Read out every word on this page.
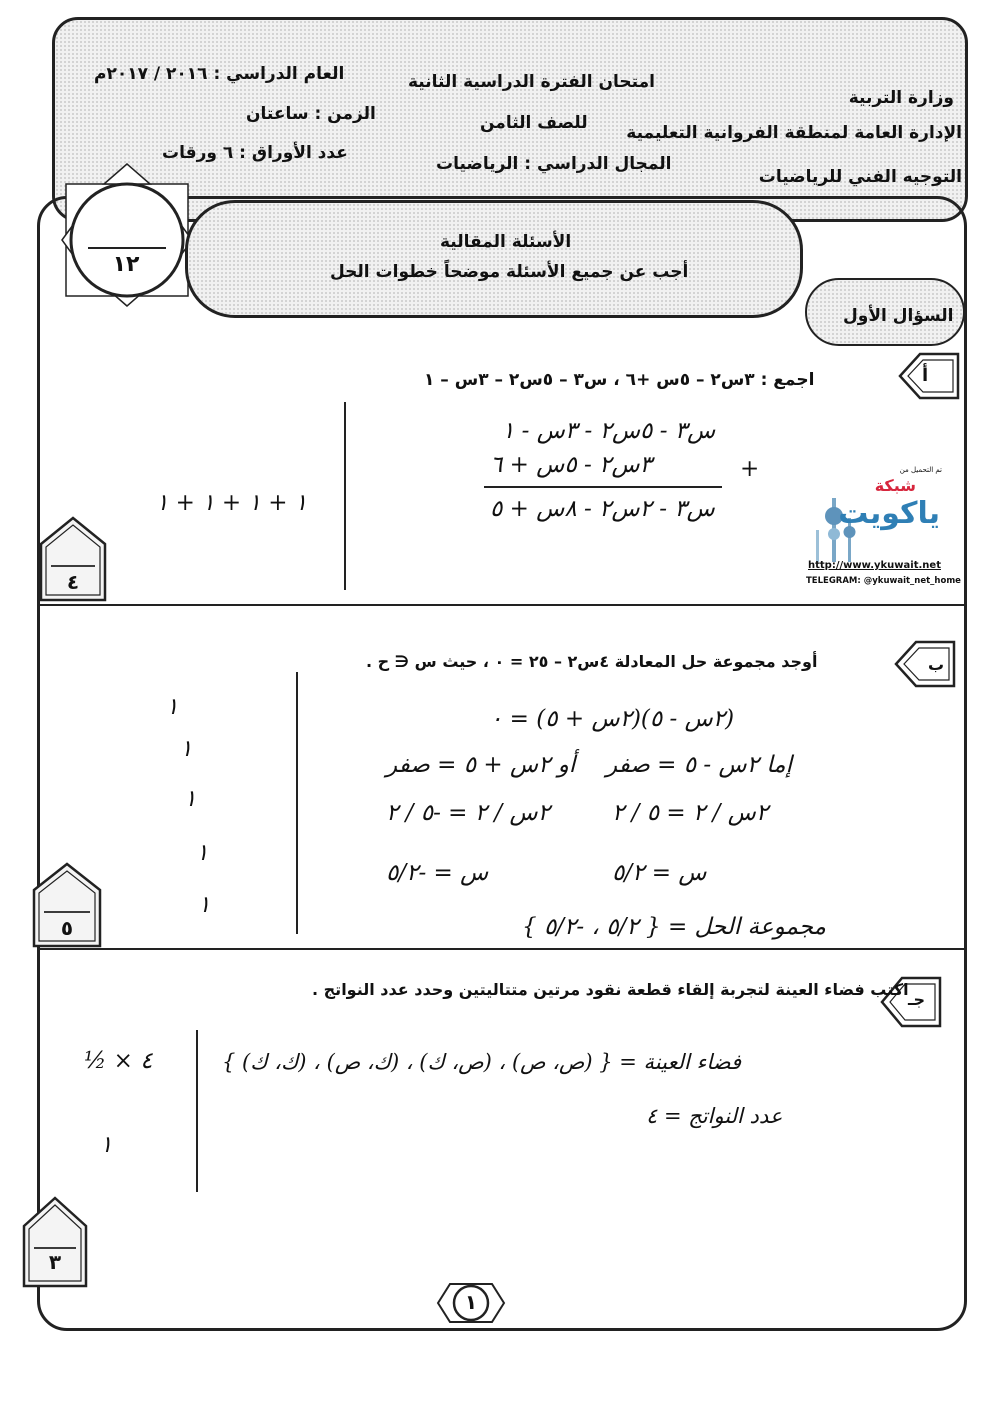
وزارة التربية
الإدارة العامة لمنطقة الفروانية التعليمية
التوجيه الفني للرياضيات
امتحان الفترة الدراسية الثانية
للصف الثامن
المجال الدراسي : الرياضيات
العام الدراسي : ٢٠١٦ / ٢٠١٧م
الزمن : ساعتان
عدد الأوراق : ٦ ورقات
١٢
الأسئلة المقالية
أجب عن جميع الأسئلة موضحاً خطوات الحل
السؤال الأول
أ
اجمع : ٣س٢ – ٥س +٦ ، س٣ – ٥س٢ – ٣س – ١
س٣ - ٥س٢ - ٣س - ١
٣س٢ - ٥س + ٦	+
س٣ - ٢س٢ - ٨س + ٥
١ + ١ + ١ + ١
تم التحميل من
شبكة
ياكويت
http://www.ykuwait.net
TELEGRAM: @ykuwait_net_home
٤
ب
أوجد مجموعة حل المعادلة ٤س٢ – ٢٥ = ٠ ، حيث س ∈ ح .
(٢س - ٥)(٢س + ٥) = ٠
إما ٢س - ٥ = صفر
أو ٢س + ٥ = صفر
٢س / ٢ = ٥ / ٢
٢س / ٢ = -٥ / ٢
س = ٥/٢
س = -٥/٢
مجموعة الحل = { ٥/٢ ، -٥/٢ }
١
١
١
١
١
٥
جـ
اكتب فضاء العينة لتجربة إلقاء قطعة نقود مرتين متتاليتين وحدد عدد النواتج .
فضاء العينة = { (ص، ص) ، (ص، ك) ، (ك، ص) ، (ك، ك) }
عدد النواتج = ٤
٤ × ½
١
٣
١
